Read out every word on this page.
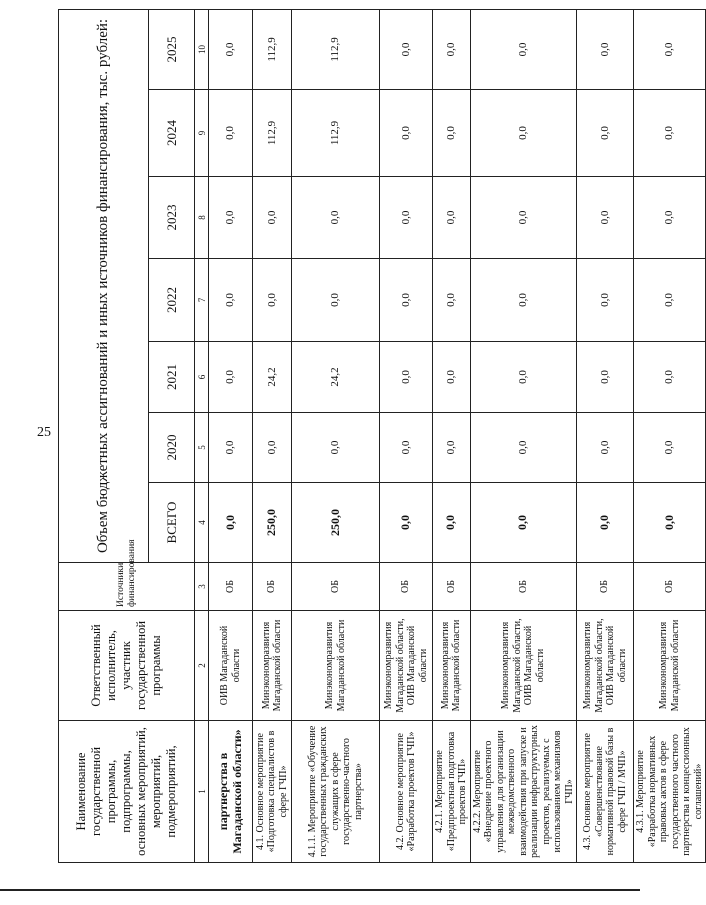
25
Наименование государственной программы, подпрограммы, основных мероприятий, мероприятий, подмероприятий,	Ответственный исполнитель, участник государственной программы	Источники финансирования	Объем бюджетных ассигнований и иных источников финансирования, тыс. рублей:						
			ВСЕГО	2020	2021	2022	2023	2024	2025
1	2	3	4	5	6	7	8	9	10
партнерства в Магаданской области»	ОИВ Магаданской области	ОБ	0,0	0,0	0,0	0,0	0,0	0,0	0,0
4.1. Основное мероприятие «Подготовка специалистов в сфере ГЧП»	Минэкономразвития Магаданской области	ОБ	250,0	0,0	24,2	0,0	0,0	112,9	112,9
4.1.1. Мероприятие «Обучение государственных гражданских служащих в сфере государственно-частного партнерства»	Минэкономразвития Магаданской области	ОБ	250,0	0,0	24,2	0,0	0,0	112,9	112,9
4.2. Основное мероприятие «Разработка проектов ГЧП»	Минэкономразвития Магаданской области, ОИВ Магаданской области	ОБ	0,0	0,0	0,0	0,0	0,0	0,0	0,0
4.2.1. Мероприятие «Предпроектная подготовка проектов ГЧП»	Минэкономразвития Магаданской области	ОБ	0,0	0,0	0,0	0,0	0,0	0,0	0,0
4.2.2. Мероприятие «Внедрение проектного управления для организации межведомственного взаимодействия при запуске и реализации инфраструктурных проектов, реализуемых с использованием механизмов ГЧП»	Минэкономразвития Магаданской области, ОИВ Магаданской области	ОБ	0,0	0,0	0,0	0,0	0,0	0,0	0,0
4.3. Основное мероприятие «Совершенствование нормативной правовой базы в сфере ГЧП / МЧП»	Минэкономразвития Магаданской области, ОИВ Магаданской области	ОБ	0,0	0,0	0,0	0,0	0,0	0,0	0,0
4.3.1. Мероприятие «Разработка нормативных правовых актов в сфере государственного частного партнерства и концессионных соглашений»	Минэкономразвития Магаданской области	ОБ	0,0	0,0	0,0	0,0	0,0	0,0	0,0
